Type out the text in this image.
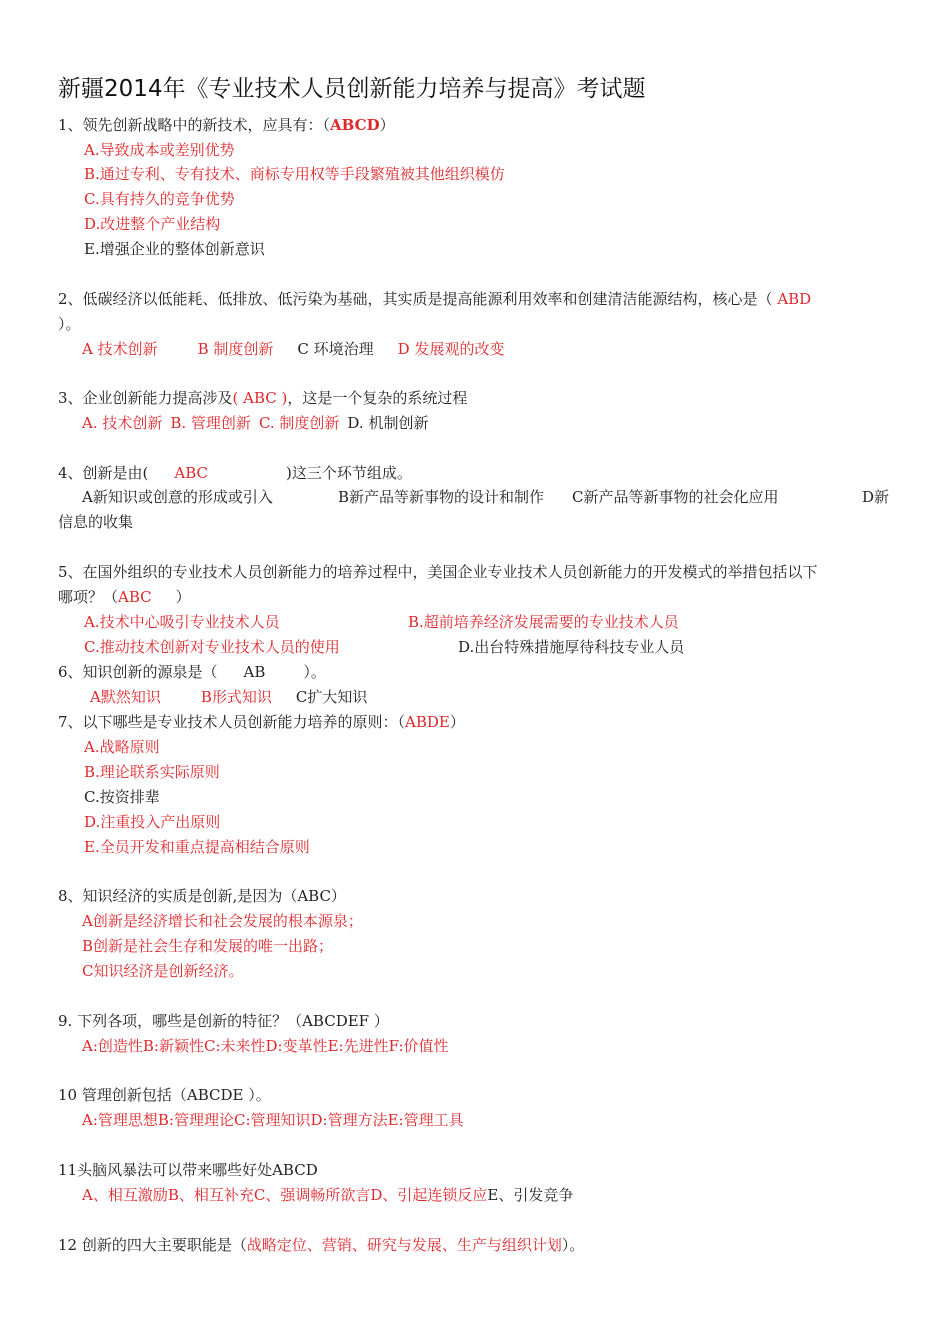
新疆2014年《专业技术人员创新能力培养与提高》考试题
1、领先创新战略中的新技术，应具有：（ABCD）
A.导致成本或差别优势
B.通过专利、专有技术、商标专用权等手段繁殖被其他组织模仿
C.具有持久的竞争优势
D.改进整个产业结构
E.增强企业的整体创新意识
2、低碳经济以低能耗、低排放、低污染为基础，其实质是提高能源利用效率和创建清洁能源结构，核心是（ ABD
）。
A 技术创新	B 制度创新 C 环境治理 D 发展观的改变
3、企业创新能力提高涉及( ABC )，这是一个复杂的系统过程
A. 技术创新 B. 管理创新 C. 制度创新 D. 机制创新
4、创新是由( ABC	)这三个环节组成。
A新知识或创意的形成或引入	B新产品等新事物的设计和制作 C新产品等新事物的社会化应用	D新
信息的收集
5、在国外组织的专业技术人员创新能力的培养过程中，美国企业专业技术人员创新能力的开发模式的举措包括以下
哪项？（ABC ）
A.技术中心吸引专业技术人员	B.超前培养经济发展需要的专业技术人员
C.推动技术创新对专业技术人员的使用	D.出台特殊措施厚待科技专业人员
6、知识创新的源泉是（ AB	）。
A默然知识	B形式知识 C扩大知识
7、以下哪些是专业技术人员创新能力培养的原则：（ABDE）
A.战略原则
B.理论联系实际原则
C.按资排辈
D.注重投入产出原则
E.全员开发和重点提高相结合原则
8、知识经济的实质是创新,是因为（ABC）
A创新是经济增长和社会发展的根本源泉；
B创新是社会生存和发展的唯一出路；
C知识经济是创新经济。
9. 下列各项，哪些是创新的特征？（ABCDEF ）
A:创造性B:新颖性C:未来性D:变革性E:先进性F:价值性
10 管理创新包括（ABCDE ）。
A:管理思想B:管理理论C:管理知识D:管理方法E:管理工具
11头脑风暴法可以带来哪些好处ABCD
A、相互激励B、相互补充C、强调畅所欲言D、引起连锁反应E、引发竞争
12 创新的四大主要职能是（战略定位、营销、研究与发展、生产与组织计划）。
